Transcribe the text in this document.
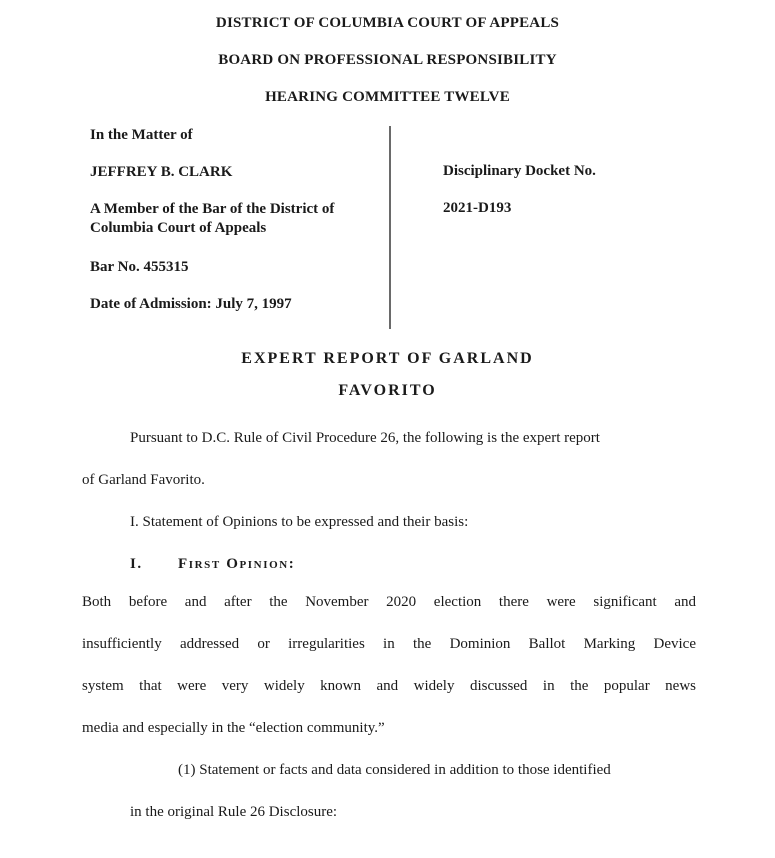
DISTRICT OF COLUMBIA COURT OF APPEALS
BOARD ON PROFESSIONAL RESPONSIBILITY
HEARING COMMITTEE TWELVE
In the Matter of
JEFFREY B. CLARK
A Member of the Bar of the District of
Columbia Court of Appeals
Bar No. 455315
Date of Admission: July 7, 1997
Disciplinary Docket No.
2021-D193
EXPERT REPORT OF GARLAND
FAVORITO
Pursuant to D.C. Rule of Civil Procedure 26, the following is the expert report
of Garland Favorito.
I. Statement of Opinions to be expressed and their basis:
I. First Opinion:
Both before and after the November 2020 election there were significant and
insufficiently addressed or irregularities in the Dominion Ballot Marking Device
system that were very widely known and widely discussed in the popular news
media and especially in the “election community.”
(1) Statement or facts and data considered in addition to those identified
in the original Rule 26 Disclosure:
